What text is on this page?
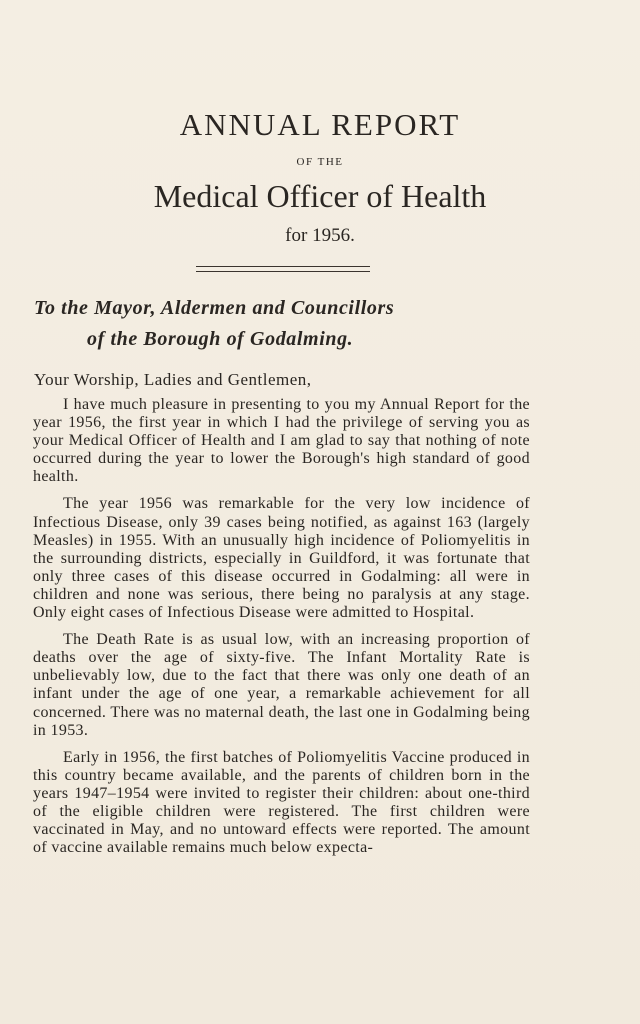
ANNUAL REPORT
OF THE
Medical Officer of Health
for 1956.
To the Mayor, Aldermen and Councillors
of the Borough of Godalming.
Your Worship, Ladies and Gentlemen,

I have much pleasure in presenting to you my Annual Report for the year 1956, the first year in which I had the privilege of serving you as your Medical Officer of Health and I am glad to say that nothing of note occurred during the year to lower the Borough's high standard of good health.

The year 1956 was remarkable for the very low incidence of Infectious Disease, only 39 cases being notified, as against 163 (largely Measles) in 1955. With an unusually high incidence of Poliomyelitis in the surrounding districts, especially in Guildford, it was fortunate that only three cases of this disease occurred in Godalming: all were in children and none was serious, there being no paralysis at any stage. Only eight cases of Infectious Disease were admitted to Hospital.

The Death Rate is as usual low, with an increasing proportion of deaths over the age of sixty-five. The Infant Mortality Rate is unbelievably low, due to the fact that there was only one death of an infant under the age of one year, a remarkable achievement for all concerned. There was no maternal death, the last one in Godalming being in 1953.

Early in 1956, the first batches of Poliomyelitis Vaccine produced in this country became available, and the parents of children born in the years 1947–1954 were invited to register their children: about one-third of the eligible children were registered. The first children were vaccinated in May, and no untoward effects were reported. The amount of vaccine available remains much below expecta-
